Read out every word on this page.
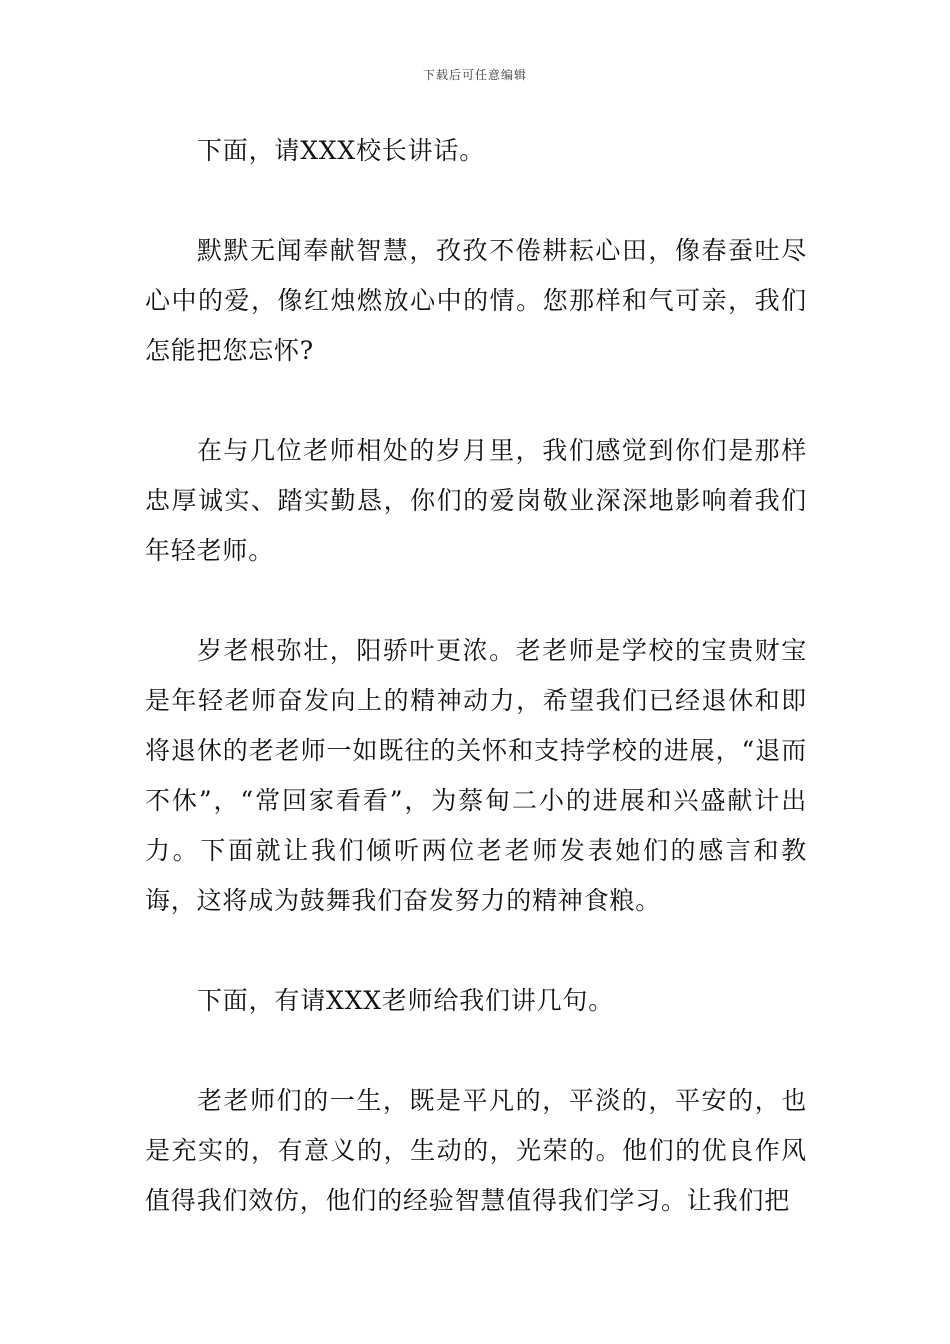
下载后可任意编辑

下面，请XXX校长讲话。

默默无闻奉献智慧，孜孜不倦耕耘心田，像春蚕吐尽心中的爱，像红烛燃放心中的情。您那样和气可亲，我们怎能把您忘怀?

在与几位老师相处的岁月里，我们感觉到你们是那样忠厚诚实、踏实勤恳，你们的爱岗敬业深深地影响着我们年轻老师。

岁老根弥壮，阳骄叶更浓。老老师是学校的宝贵财宝是年轻老师奋发向上的精神动力，希望我们已经退休和即将退休的老老师一如既往的关怀和支持学校的进展，“退而不休”，“常回家看看”，为蔡甸二小的进展和兴盛献计出力。下面就让我们倾听两位老老师发表她们的感言和教诲，这将成为鼓舞我们奋发努力的精神食粮。

下面，有请XXX老师给我们讲几句。

老老师们的一生，既是平凡的，平淡的，平安的，也是充实的，有意义的，生动的，光荣的。他们的优良作风值得我们效仿，他们的经验智慧值得我们学习。让我们把
